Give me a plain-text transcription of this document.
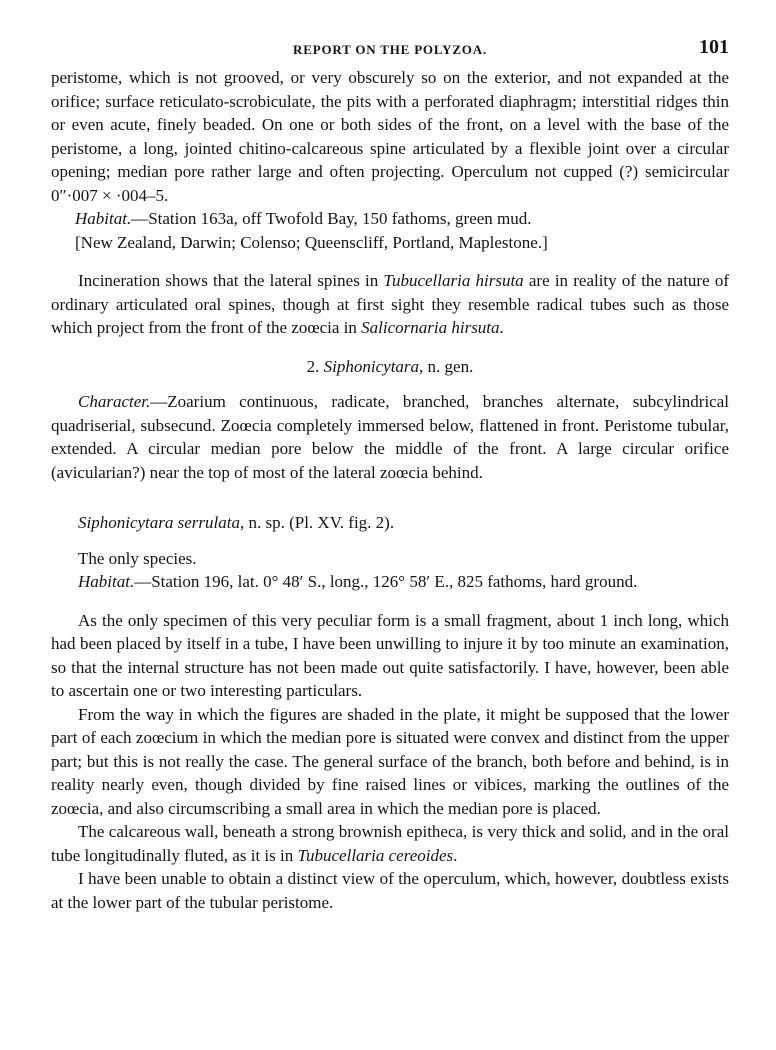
REPORT ON THE POLYZOA.	101

peristome, which is not grooved, or very obscurely so on the exterior, and not expanded at the orifice; surface reticulato-scrobiculate, the pits with a perforated diaphragm; interstitial ridges thin or even acute, finely beaded. On one or both sides of the front, on a level with the base of the peristome, a long, jointed chitino-calcareous spine articulated by a flexible joint over a circular opening; median pore rather large and often projecting. Operculum not cupped (?) semicircular 0″·007 × ·004–5.

Habitat.—Station 163a, off Twofold Bay, 150 fathoms, green mud.

[New Zealand, Darwin; Colenso; Queenscliff, Portland, Maplestone.]

Incineration shows that the lateral spines in Tubucellaria hirsuta are in reality of the nature of ordinary articulated oral spines, though at first sight they resemble radical tubes such as those which project from the front of the zoœcia in Salicornaria hirsuta.

2. Siphonicytara, n. gen.

Character.—Zoarium continuous, radicate, branched, branches alternate, subcylindrical quadriserial, subsecund. Zoœcia completely immersed below, flattened in front. Peristome tubular, extended. A circular median pore below the middle of the front. A large circular orifice (avicularian?) near the top of most of the lateral zoœcia behind.

Siphonicytara serrulata, n. sp. (Pl. XV. fig. 2).

The only species.

Habitat.—Station 196, lat. 0° 48′ S., long., 126° 58′ E., 825 fathoms, hard ground.

As the only specimen of this very peculiar form is a small fragment, about 1 inch long, which had been placed by itself in a tube, I have been unwilling to injure it by too minute an examination, so that the internal structure has not been made out quite satisfactorily. I have, however, been able to ascertain one or two interesting particulars.

From the way in which the figures are shaded in the plate, it might be supposed that the lower part of each zoœcium in which the median pore is situated were convex and distinct from the upper part; but this is not really the case. The general surface of the branch, both before and behind, is in reality nearly even, though divided by fine raised lines or vibices, marking the outlines of the zoœcia, and also circumscribing a small area in which the median pore is placed.

The calcareous wall, beneath a strong brownish epitheca, is very thick and solid, and in the oral tube longitudinally fluted, as it is in Tubucellaria cereoides.

I have been unable to obtain a distinct view of the operculum, which, however, doubtless exists at the lower part of the tubular peristome.
